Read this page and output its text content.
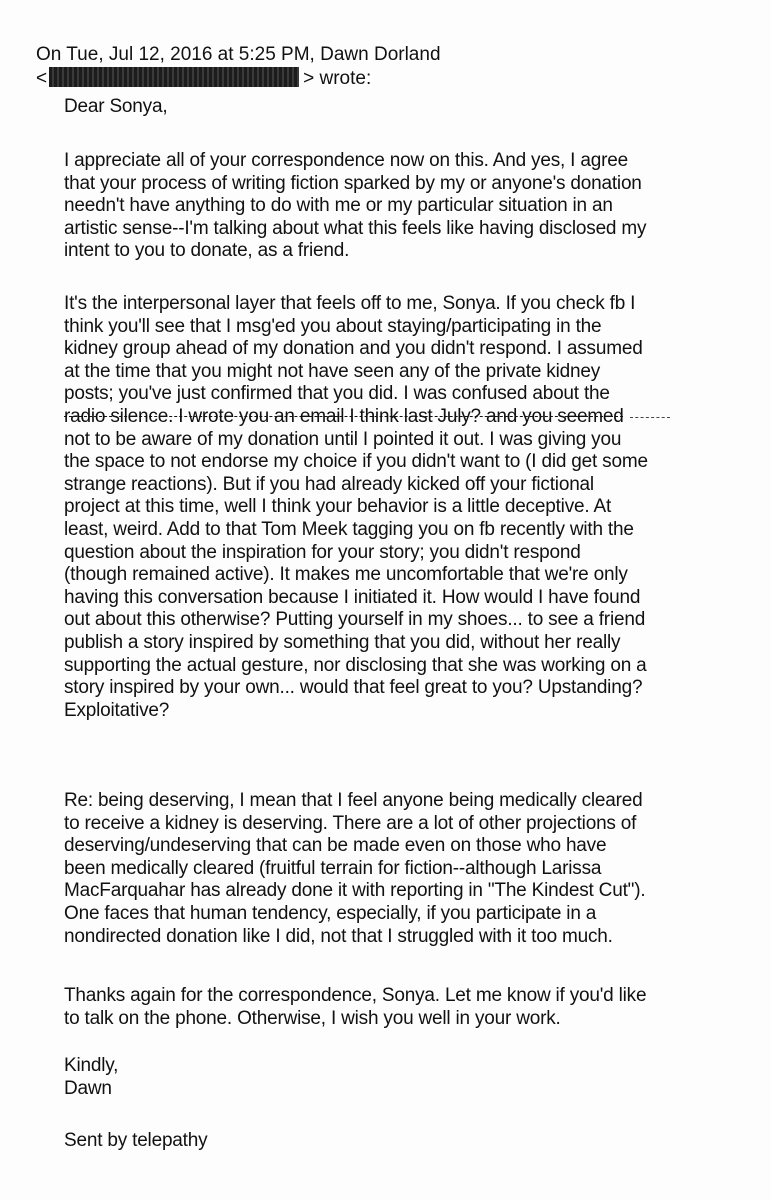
On Tue, Jul 12, 2016 at 5:25 PM, Dawn Dorland
<	> wrote:
Dear Sonya,
I appreciate all of your correspondence now on this. And yes, I agree
that your process of writing fiction sparked by my or anyone's donation
needn't have anything to do with me or my particular situation in an
artistic sense--I'm talking about what this feels like having disclosed my
intent to you to donate, as a friend.
It's the interpersonal layer that feels off to me, Sonya. If you check fb I
think you'll see that I msg'ed you about staying/participating in the
kidney group ahead of my donation and you didn't respond. I assumed
at the time that you might not have seen any of the private kidney
posts; you've just confirmed that you did. I was confused about the
radio silence. I wrote you an email I think last July? and you seemed
not to be aware of my donation until I pointed it out. I was giving you
the space to not endorse my choice if you didn't want to (I did get some
strange reactions). But if you had already kicked off your fictional
project at this time, well I think your behavior is a little deceptive. At
least, weird. Add to that Tom Meek tagging you on fb recently with the
question about the inspiration for your story; you didn't respond
(though remained active). It makes me uncomfortable that we're only
having this conversation because I initiated it. How would I have found
out about this otherwise? Putting yourself in my shoes... to see a friend
publish a story inspired by something that you did, without her really
supporting the actual gesture, nor disclosing that she was working on a
story inspired by your own... would that feel great to you? Upstanding?
Exploitative?
Re: being deserving, I mean that I feel anyone being medically cleared
to receive a kidney is deserving. There are a lot of other projections of
deserving/undeserving that can be made even on those who have
been medically cleared (fruitful terrain for fiction--although Larissa
MacFarquahar has already done it with reporting in "The Kindest Cut").
One faces that human tendency, especially, if you participate in a
nondirected donation like I did, not that I struggled with it too much.
Thanks again for the correspondence, Sonya. Let me know if you'd like
to talk on the phone. Otherwise, I wish you well in your work.
Kindly,
Dawn
Sent by telepathy
